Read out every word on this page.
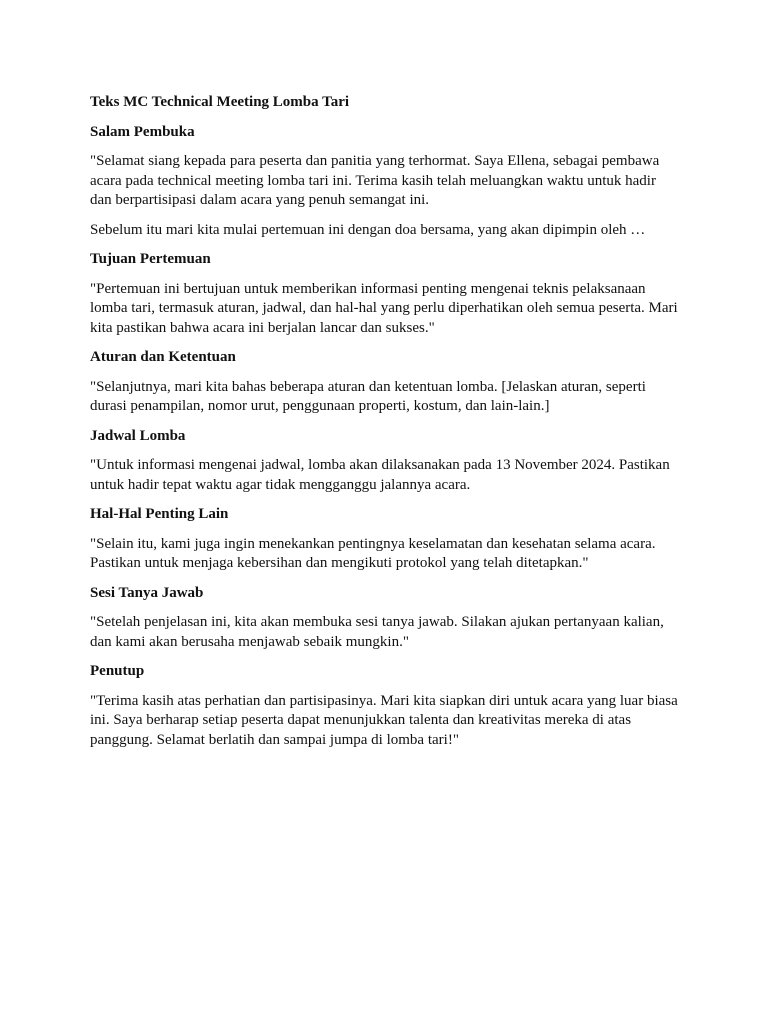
Teks MC Technical Meeting Lomba Tari

Salam Pembuka

"Selamat siang kepada para peserta dan panitia yang terhormat. Saya Ellena, sebagai pembawa acara pada technical meeting lomba tari ini. Terima kasih telah meluangkan waktu untuk hadir dan berpartisipasi dalam acara yang penuh semangat ini.

Sebelum itu mari kita mulai pertemuan ini dengan doa bersama, yang akan dipimpin oleh …

Tujuan Pertemuan

"Pertemuan ini bertujuan untuk memberikan informasi penting mengenai teknis pelaksanaan lomba tari, termasuk aturan, jadwal, dan hal-hal yang perlu diperhatikan oleh semua peserta. Mari kita pastikan bahwa acara ini berjalan lancar dan sukses."

Aturan dan Ketentuan

"Selanjutnya, mari kita bahas beberapa aturan dan ketentuan lomba. [Jelaskan aturan, seperti durasi penampilan, nomor urut, penggunaan properti, kostum, dan lain-lain.]

Jadwal Lomba

"Untuk informasi mengenai jadwal, lomba akan dilaksanakan pada 13 November 2024. Pastikan untuk hadir tepat waktu agar tidak mengganggu jalannya acara.

Hal-Hal Penting Lain

"Selain itu, kami juga ingin menekankan pentingnya keselamatan dan kesehatan selama acara. Pastikan untuk menjaga kebersihan dan mengikuti protokol yang telah ditetapkan."

Sesi Tanya Jawab

"Setelah penjelasan ini, kita akan membuka sesi tanya jawab. Silakan ajukan pertanyaan kalian, dan kami akan berusaha menjawab sebaik mungkin."

Penutup

"Terima kasih atas perhatian dan partisipasinya. Mari kita siapkan diri untuk acara yang luar biasa ini. Saya berharap setiap peserta dapat menunjukkan talenta dan kreativitas mereka di atas panggung. Selamat berlatih dan sampai jumpa di lomba tari!"
